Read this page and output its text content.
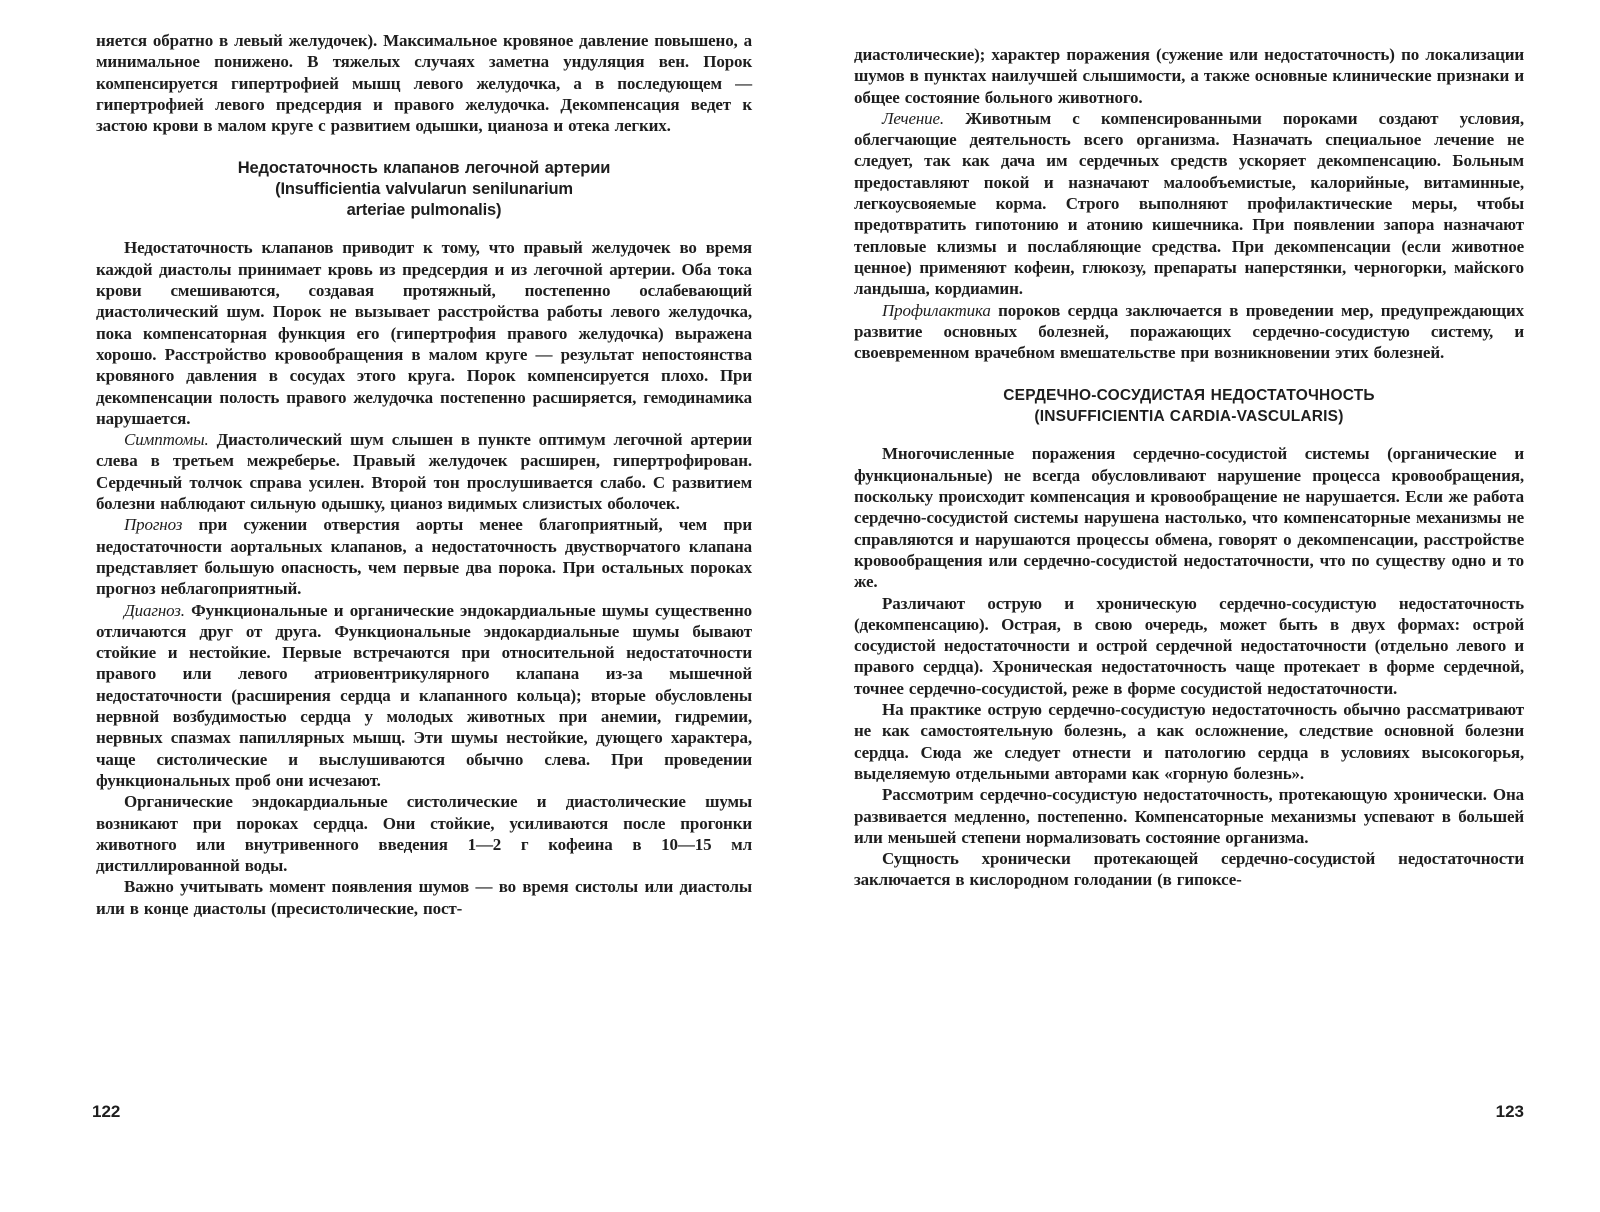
няется обратно в левый желудочек). Максимальное кровяное давление повышено, а минимальное понижено. В тяжелых случаях заметна ундуляция вен. Порок компенсируется гипертрофией мышц левого желудочка, а в последующем — гипертрофией левого предсердия и правого желудочка. Декомпенсация ведет к застою крови в малом круге с развитием одышки, цианоза и отека легких.

Недостаточность клапанов легочной артерии
(Insufficientia valvularun senilunarium
arteriae pulmonalis)

Недостаточность клапанов приводит к тому, что правый желудочек во время каждой диастолы принимает кровь из предсердия и из легочной артерии. Оба тока крови смешиваются, создавая протяжный, постепенно ослабевающий диастолический шум. Порок не вызывает расстройства работы левого желудочка, пока компенсаторная функция его (гипертрофия правого желудочка) выражена хорошо. Расстройство кровообращения в малом круге — результат непостоянства кровяного давления в сосудах этого круга. Порок компенсируется плохо. При декомпенсации полость правого желудочка постепенно расширяется, гемодинамика нарушается.

Симптомы. Диастолический шум слышен в пункте оптимум легочной артерии слева в третьем межреберье. Правый желудочек расширен, гипертрофирован. Сердечный толчок справа усилен. Второй тон прослушивается слабо. С развитием болезни наблюдают сильную одышку, цианоз видимых слизистых оболочек.

Прогноз при сужении отверстия аорты менее благоприятный, чем при недостаточности аортальных клапанов, а недостаточность двустворчатого клапана представляет большую опасность, чем первые два порока. При остальных пороках прогноз неблагоприятный.

Диагноз. Функциональные и органические эндокардиальные шумы существенно отличаются друг от друга. Функциональные эндокардиальные шумы бывают стойкие и нестойкие. Первые встречаются при относительной недостаточности правого или левого атриовентрикулярного клапана из-за мышечной недостаточности (расширения сердца и клапанного кольца); вторые обусловлены нервной возбудимостью сердца у молодых животных при анемии, гидремии, нервных спазмах папиллярных мышц. Эти шумы нестойкие, дующего характера, чаще систолические и выслушиваются обычно слева. При проведении функциональных проб они исчезают.

Органические эндокардиальные систолические и диастолические шумы возникают при пороках сердца. Они стойкие, усиливаются после прогонки животного или внутривенного введения 1—2 г кофеина в 10—15 мл дистиллированной воды.

Важно учитывать момент появления шумов — во время систолы или диастолы или в конце диастолы (пресистолические, пост-

122

диастолические); характер поражения (сужение или недостаточность) по локализации шумов в пунктах наилучшей слышимости, а также основные клинические признаки и общее состояние больного животного.

Лечение. Животным с компенсированными пороками создают условия, облегчающие деятельность всего организма. Назначать специальное лечение не следует, так как дача им сердечных средств ускоряет декомпенсацию. Больным предоставляют покой и назначают малообъемистые, калорийные, витаминные, легкоусвояемые корма. Строго выполняют профилактические меры, чтобы предотвратить гипотонию и атонию кишечника. При появлении запора назначают тепловые клизмы и послабляющие средства. При декомпенсации (если животное ценное) применяют кофеин, глюкозу, препараты наперстянки, черногорки, майского ландыша, кордиамин.

Профилактика пороков сердца заключается в проведении мер, предупреждающих развитие основных болезней, поражающих сердечно-сосудистую систему, и своевременном врачебном вмешательстве при возникновении этих болезней.

СЕРДЕЧНО-СОСУДИСТАЯ НЕДОСТАТОЧНОСТЬ
(INSUFFICIENTIA CARDIA-VASCULARIS)

Многочисленные поражения сердечно-сосудистой системы (органические и функциональные) не всегда обусловливают нарушение процесса кровообращения, поскольку происходит компенсация и кровообращение не нарушается. Если же работа сердечно-сосудистой системы нарушена настолько, что компенсаторные механизмы не справляются и нарушаются процессы обмена, говорят о декомпенсации, расстройстве кровообращения или сердечно-сосудистой недостаточности, что по существу одно и то же.

Различают острую и хроническую сердечно-сосудистую недостаточность (декомпенсацию). Острая, в свою очередь, может быть в двух формах: острой сосудистой недостаточности и острой сердечной недостаточности (отдельно левого и правого сердца). Хроническая недостаточность чаще протекает в форме сердечной, точнее сердечно-сосудистой, реже в форме сосудистой недостаточности.

На практике острую сердечно-сосудистую недостаточность обычно рассматривают не как самостоятельную болезнь, а как осложнение, следствие основной болезни сердца. Сюда же следует отнести и патологию сердца в условиях высокогорья, выделяемую отдельными авторами как «горную болезнь».

Рассмотрим сердечно-сосудистую недостаточность, протекающую хронически. Она развивается медленно, постепенно. Компенсаторные механизмы успевают в большей или меньшей степени нормализовать состояние организма.

Сущность хронически протекающей сердечно-сосудистой недостаточности заключается в кислородном голодании (в гипоксе-

123
